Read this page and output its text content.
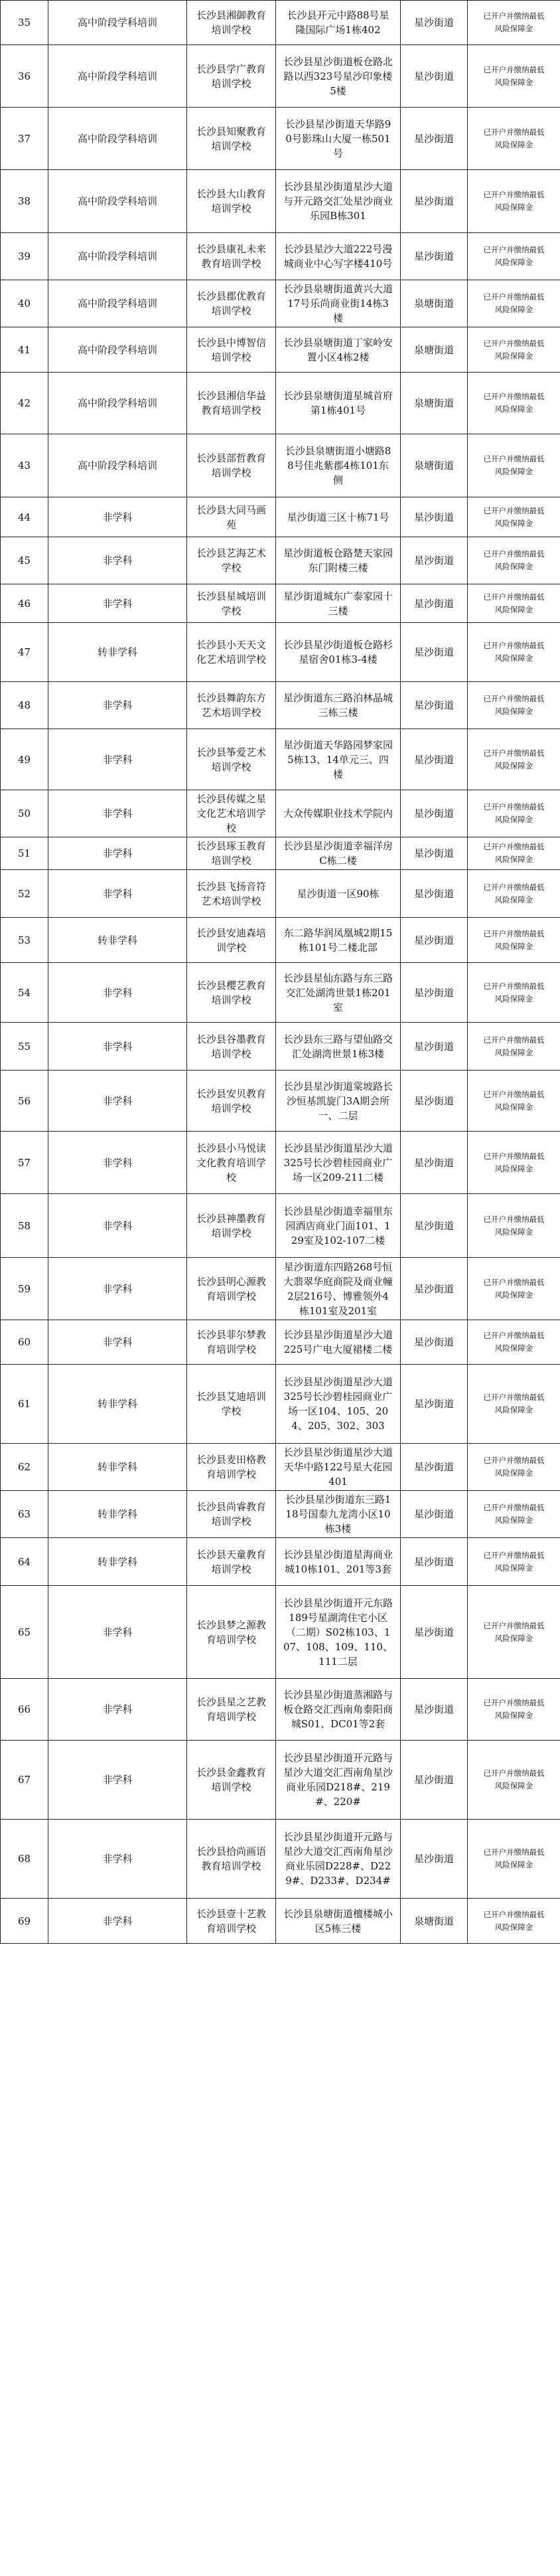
35	高中阶段学科培训	长沙县湘御教育培训学校	长沙县开元中路88号星隆国际广场1栋402	星沙街道	已开户并缴纳最低风险保障金
36	高中阶段学科培训	长沙县学广教育培训学校	长沙县星沙街道板仓路北路以西323号星沙印象楼5楼	星沙街道	已开户并缴纳最低风险保障金
37	高中阶段学科培训	长沙县知聚教育培训学校	长沙县星沙街道天华路90号影珠山大厦一栋501号	星沙街道	已开户并缴纳最低风险保障金
38	高中阶段学科培训	长沙县大山教育培训学校	长沙县星沙街道星沙大道与开元路交汇处星沙商业乐园B栋301	星沙街道	已开户并缴纳最低风险保障金
39	高中阶段学科培训	长沙县康礼未来教育培训学校	长沙县星沙大道222号漫城商业中心写字楼410号	星沙街道	已开户并缴纳最低风险保障金
40	高中阶段学科培训	长沙县郡优教育培训学校	长沙县泉塘街道黄兴大道17号乐尚商业街14栋3楼	泉塘街道	已开户并缴纳最低风险保障金
41	高中阶段学科培训	长沙县中博智信培训学校	长沙县泉塘街道丁家岭安置小区4栋2楼	泉塘街道	已开户并缴纳最低风险保障金
42	高中阶段学科培训	长沙县湘信华益教育培训学校	长沙县泉塘街道星城首府第1栋401号	泉塘街道	已开户并缴纳最低风险保障金
43	高中阶段学科培训	长沙县部哲教育培训学校	长沙县泉塘街道小塘路88号佳兆紫郡4栋101东侧	泉塘街道	已开户并缴纳最低风险保障金
44	非学科	长沙县大同马画苑	星沙街道三区十栋71号	星沙街道	已开户并缴纳最低风险保障金
45	非学科	长沙县艺海艺术学校	星沙街道板仓路楚天家园东门附楼三楼	星沙街道	已开户并缴纳最低风险保障金
46	非学科	长沙县星城培训学校	星沙街道城东广泰家园十三楼	星沙街道	已开户并缴纳最低风险保障金
47	转非学科	长沙县小天天文化艺术培训学校	长沙县星沙街道板仓路杉星宿舍01栋3-4楼	星沙街道	已开户并缴纳最低风险保障金
48	非学科	长沙县舞韵东方艺术培训学校	星沙街道东三路泊林晶城三栋三楼	星沙街道	已开户并缴纳最低风险保障金
49	非学科	长沙县筝爱艺术培训学校	星沙街道天华路园梦家园5栋13、14单元三、四楼	星沙街道	已开户并缴纳最低风险保障金
50	非学科	长沙县传媒之星文化艺术培训学校	大众传媒职业技术学院内	星沙街道	已开户并缴纳最低风险保障金
51	非学科	长沙县琢玉教育培训学校	长沙县星沙街道幸福洋房C栋二楼	星沙街道	已开户并缴纳最低风险保障金
52	非学科	长沙县飞扬音符艺术培训学校	星沙街道一区90栋	星沙街道	已开户并缴纳最低风险保障金
53	转非学科	长沙县安迪森培训学校	东二路华润凤凰城2期15栋101号二楼北部	星沙街道	已开户并缴纳最低风险保障金
54	非学科	长沙县樱艺教育培训学校	长沙县星仙东路与东三路交汇处湖湾世景1栋201室	星沙街道	已开户并缴纳最低风险保障金
55	非学科	长沙县谷墨教育培训学校	长沙县东三路与望仙路交汇处湖湾世景1栋3楼	星沙街道	已开户并缴纳最低风险保障金
56	非学科	长沙县安贝教育培训学校	长沙县星沙街道棠坡路长沙恒基凯旋门3A期会所一、二层	星沙街道	已开户并缴纳最低风险保障金
57	非学科	长沙县小马悦读文化教育培训学校	长沙县星沙街道星沙大道325号长沙碧桂园商业广场一区209-211二楼	星沙街道	已开户并缴纳最低风险保障金
58	非学科	长沙县神墨教育培训学校	长沙县星沙街道幸福里东园酒店商业门面101、129室及102-107二楼	星沙街道	已开户并缴纳最低风险保障金
59	非学科	长沙县明心源教育培训学校	星沙街道东四路268号恒大翡翠华庭商院及商业幢2层216号、博雅领外4栋101室及201室	星沙街道	已开户并缴纳最低风险保障金
60	非学科	长沙县菲尔梦教育培训学校	长沙县星沙街道星沙大道225号广电大厦裙楼二楼	星沙街道	已开户并缴纳最低风险保障金
61	转非学科	长沙县艾迪培训学校	长沙县星沙街道星沙大道325号长沙碧桂园商业广场一区104、105、204、205、302、303	星沙街道	已开户并缴纳最低风险保障金
62	转非学科	长沙县麦田格教育培训学校	长沙县星沙街道星沙大道天华中路122号星大花园401	星沙街道	已开户并缴纳最低风险保障金
63	转非学科	长沙县尚睿教育培训学校	长沙县星沙街道东三路118号国泰九龙湾小区10栋3楼	星沙街道	已开户并缴纳最低风险保障金
64	转非学科	长沙县天童教育培训学校	长沙县星沙街道星海商业城10栋101、201等3套	星沙街道	已开户并缴纳最低风险保障金
65	非学科	长沙县梦之源教育培训学校	长沙县星沙街道开元东路189号星湖湾住宅小区（二期）S02栋103、107、108、109、110、111二层	星沙街道	已开户并缴纳最低风险保障金
66	非学科	长沙县星之艺教育培训学校	长沙县星沙街道蒸湘路与板仓路交汇西南角泰阳商城S01、DC01等2套	星沙街道	已开户并缴纳最低风险保障金
67	非学科	长沙县金鑫教育培训学校	长沙县星沙街道开元路与星沙大道交汇西南角星沙商业乐园D218#、219#、220#	星沙街道	已开户并缴纳最低风险保障金
68	非学科	长沙县拾尚画语教育培训学校	长沙县星沙街道开元路与星沙大道交汇西南角星沙商业乐园D228#、D229#、D233#、D234#	星沙街道	已开户并缴纳最低风险保障金
69	非学科	长沙县壹十艺教育培训学校	长沙县泉塘街道檀楼城小区5栋三楼	泉塘街道	已开户并缴纳最低风险保障金
